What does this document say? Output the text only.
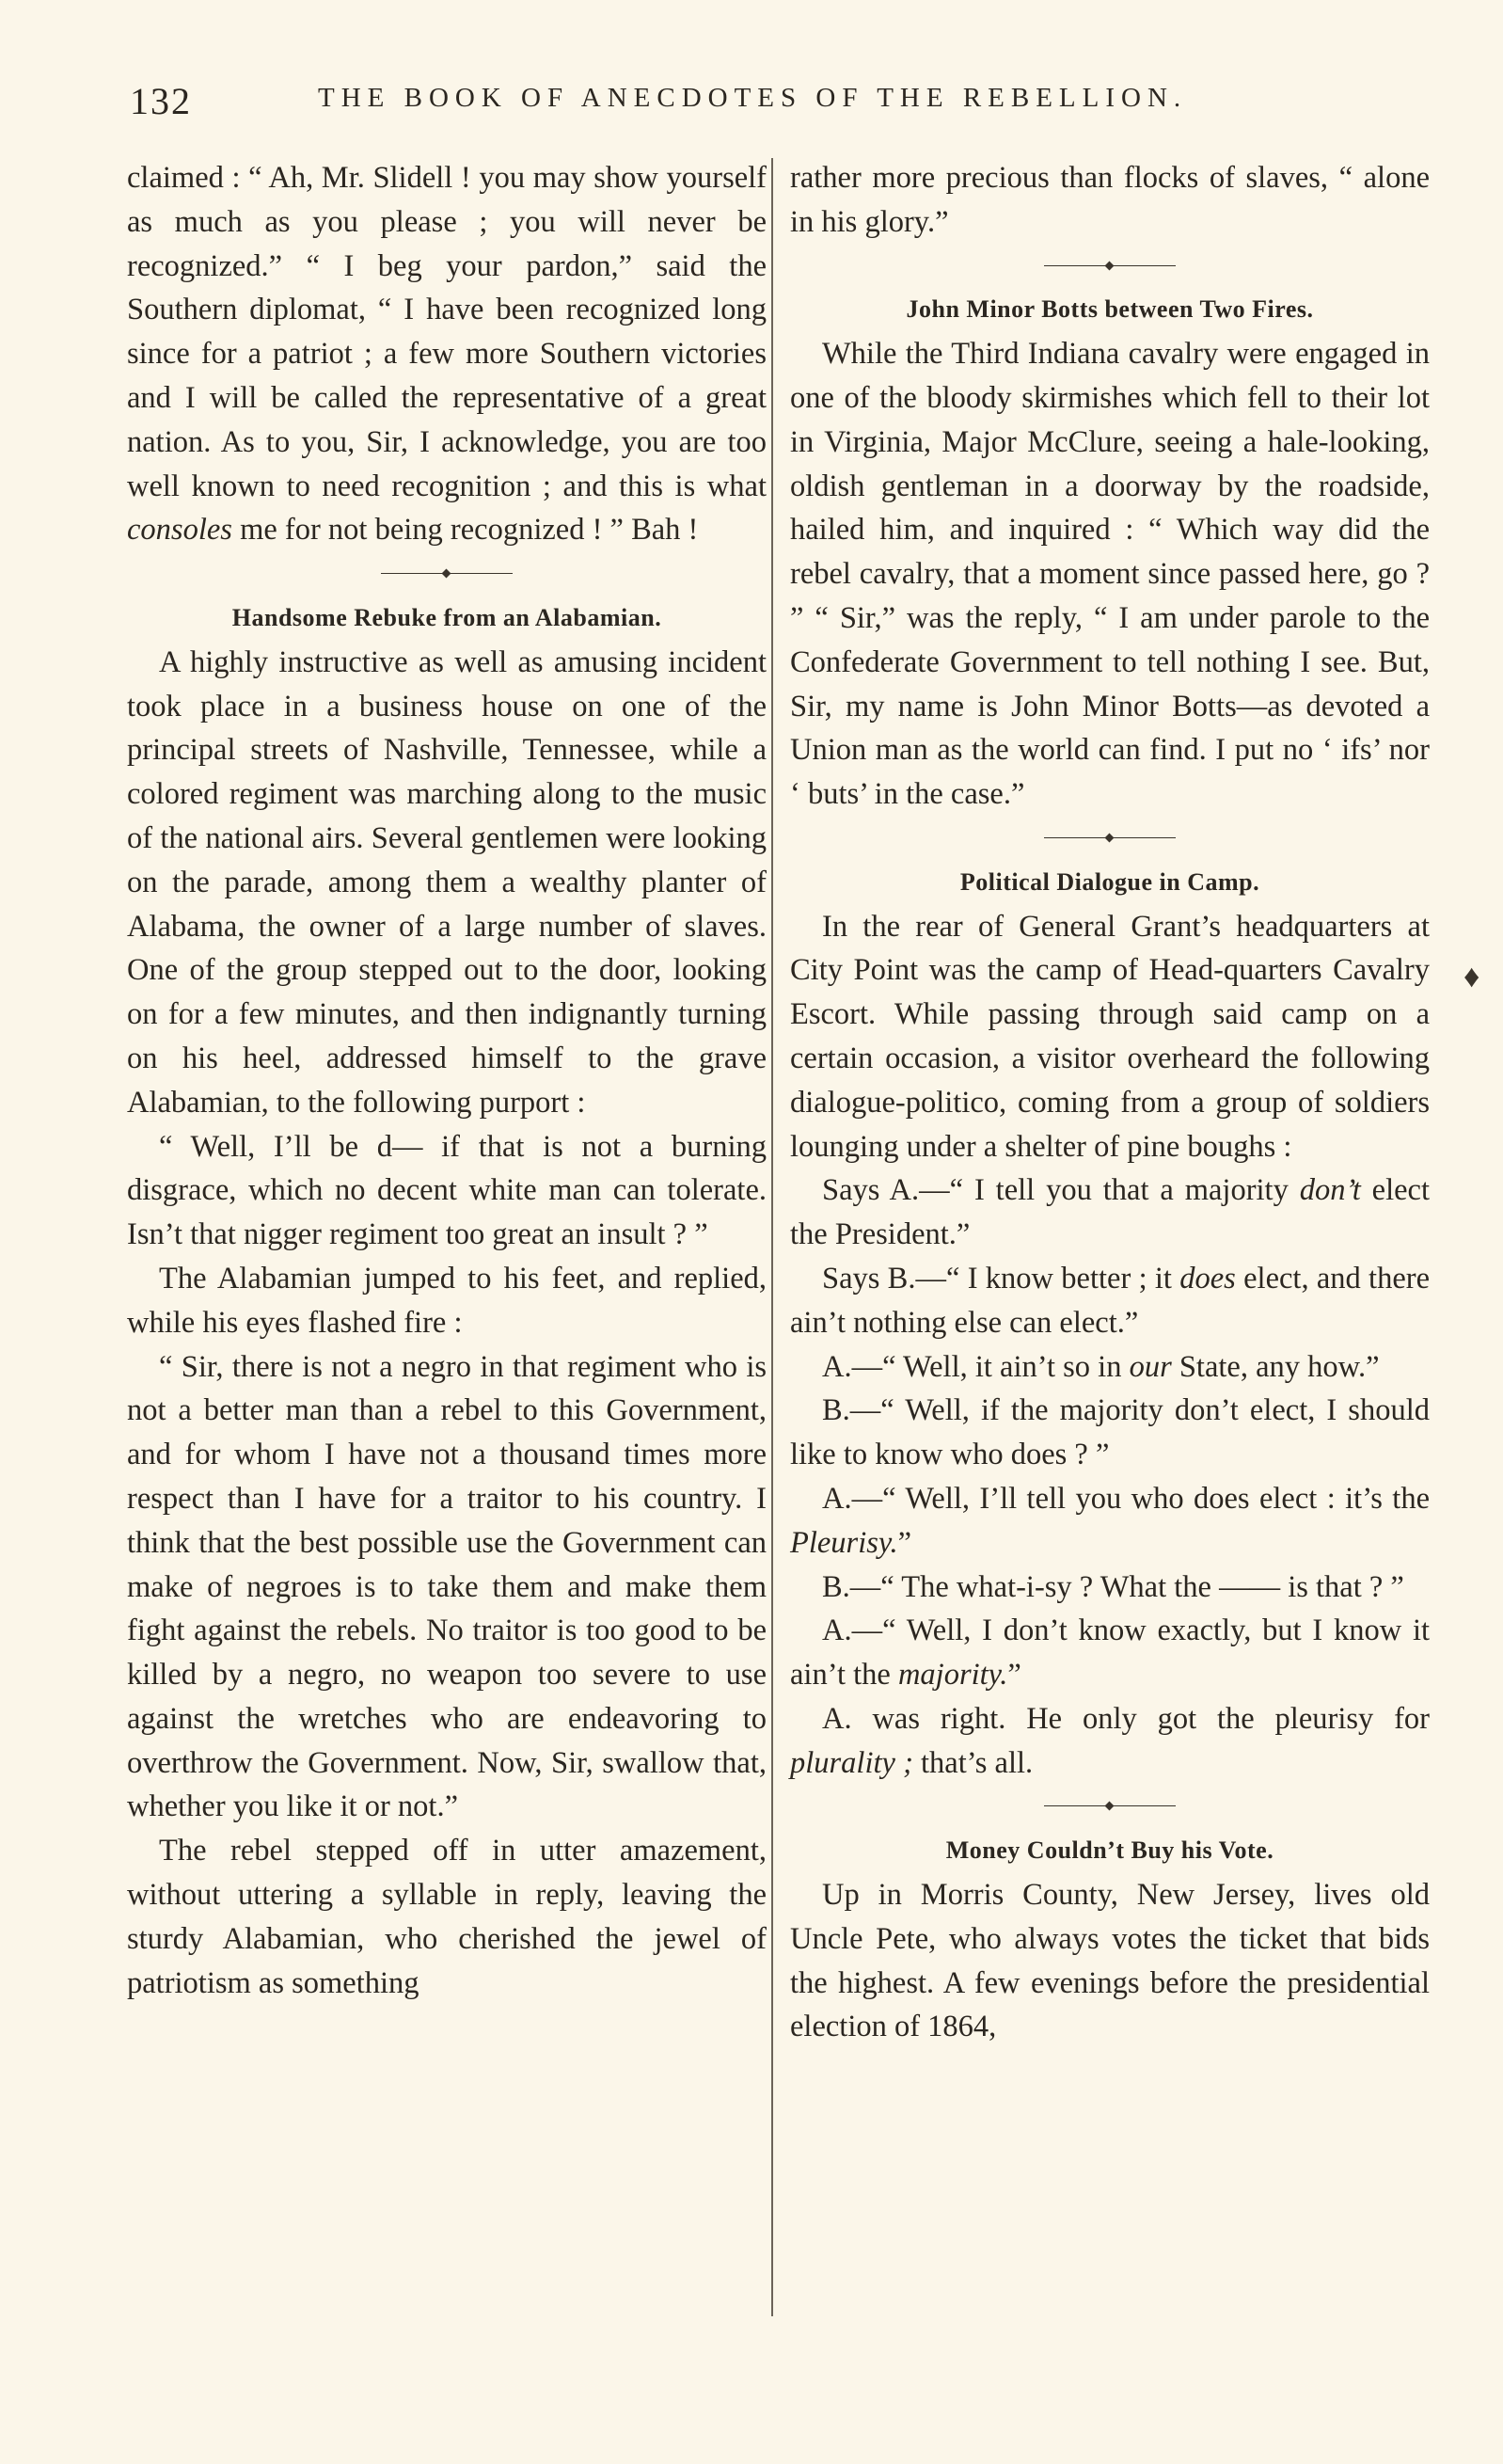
132	THE BOOK OF ANECDOTES OF THE REBELLION.

claimed : “ Ah, Mr. Slidell ! you may show yourself as much as you please ; you will never be recognized.” “ I beg your pardon,” said the Southern diplomat, “ I have been recognized long since for a patriot ; a few more Southern victories and I will be called the representative of a great nation. As to you, Sir, I acknowledge, you are too well known to need recognition ; and this is what consoles me for not being recognized ! ” Bah !

Handsome Rebuke from an Alabamian.

A highly instructive as well as amusing incident took place in a business house on one of the principal streets of Nashville, Tennessee, while a colored regiment was marching along to the music of the national airs. Several gentlemen were looking on the parade, among them a wealthy planter of Alabama, the owner of a large number of slaves. One of the group stepped out to the door, looking on for a few minutes, and then indignantly turning on his heel, addressed himself to the grave Alabamian, to the following purport :

“ Well, I’ll be d— if that is not a burning disgrace, which no decent white man can tolerate. Isn’t that nigger regiment too great an insult ? ”

The Alabamian jumped to his feet, and replied, while his eyes flashed fire :

“ Sir, there is not a negro in that regiment who is not a better man than a rebel to this Government, and for whom I have not a thousand times more respect than I have for a traitor to his country. I think that the best possible use the Government can make of negroes is to take them and make them fight against the rebels. No traitor is too good to be killed by a negro, no weapon too severe to use against the wretches who are endeavoring to overthrow the Government. Now, Sir, swallow that, whether you like it or not.”

The rebel stepped off in utter amazement, without uttering a syllable in reply, leaving the sturdy Alabamian, who cherished the jewel of patriotism as something

rather more precious than flocks of slaves, “ alone in his glory.”

John Minor Botts between Two Fires.

While the Third Indiana cavalry were engaged in one of the bloody skirmishes which fell to their lot in Virginia, Major McClure, seeing a hale-looking, oldish gentleman in a doorway by the roadside, hailed him, and inquired : “ Which way did the rebel cavalry, that a moment since passed here, go ? ” “ Sir,” was the reply, “ I am under parole to the Confederate Government to tell nothing I see. But, Sir, my name is John Minor Botts—as devoted a Union man as the world can find. I put no ‘ ifs’ nor ‘ buts’ in the case.”

Political Dialogue in Camp.

In the rear of General Grant’s headquarters at City Point was the camp of Head-quarters Cavalry Escort. While passing through said camp on a certain occasion, a visitor overheard the following dialogue-politico, coming from a group of soldiers lounging under a shelter of pine boughs :

Says A.—“ I tell you that a majority don’t elect the President.”

Says B.—“ I know better ; it does elect, and there ain’t nothing else can elect.”

A.—“ Well, it ain’t so in our State, any how.”

B.—“ Well, if the majority don’t elect, I should like to know who does ? ”

A.—“ Well, I’ll tell you who does elect : it’s the Pleurisy.”

B.—“ The what-i-sy ? What the —— is that ? ”

A.—“ Well, I don’t know exactly, but I know it ain’t the majority.”

A. was right. He only got the pleurisy for plurality ; that’s all.

Money Couldn’t Buy his Vote.

Up in Morris County, New Jersey, lives old Uncle Pete, who always votes the ticket that bids the highest. A few evenings before the presidential election of 1864,

♦
